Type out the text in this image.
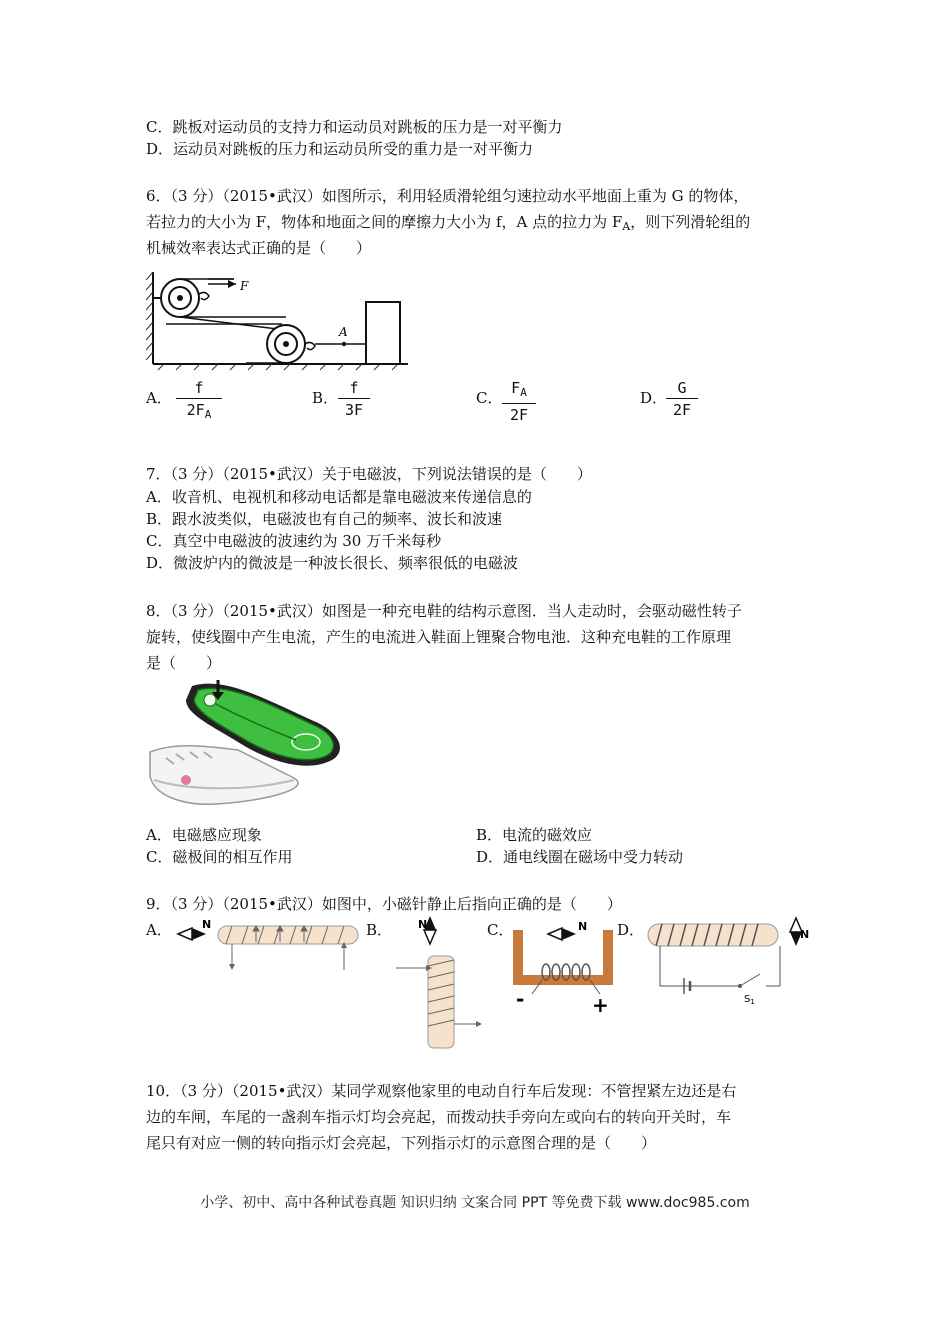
C．跳板对运动员的支持力和运动员对跳板的压力是一对平衡力
D．运动员对跳板的压力和运动员所受的重力是一对平衡力
6．（3 分）（2015•武汉）如图所示，利用轻质滑轮组匀速拉动水平地面上重为 G 的物体，
若拉力的大小为 F，物体和地面之间的摩擦力大小为 f，A 点的拉力为 $F_A$，则下列滑轮组的
机械效率表达式正确的是（　　）
F
A
A． $\frac{f}{2F_A}$	B． $\frac{f}{3F}$	C． $\frac{F_A}{2F}$	D．
$\frac{G}{2F}$
7．（3 分）（2015•武汉）关于电磁波，下列说法错误的是（　　）
A．收音机、电视机和移动电话都是靠电磁波来传递信息的
B．跟水波类似，电磁波也有自己的频率、波长和波速
C．真空中电磁波的波速约为 30 万千米每秒
D．微波炉内的微波是一种波长很长、频率很低的电磁波
8．（3 分）（2015•武汉）如图是一种充电鞋的结构示意图．当人走动时，会驱动磁性转子
旋转，使线圈中产生电流，产生的电流进入鞋面上锂聚合物电池．这种充电鞋的工作原理
是（　　）
A．电磁感应现象	B．电流的磁效应
C．磁极间的相互作用	D．通电线圈在磁场中受力转动
9．（3 分）（2015•武汉）如图中，小磁针静止后指向正确的是（　　）
A．	N	B． N	C．	N
-	+
D．
$S_1$
N
10．（3 分）（2015•武汉）某同学观察他家里的电动自行车后发现：不管捏紧左边还是右
边的车闸，车尾的一盏刹车指示灯均会亮起，而拨动扶手旁向左或向右的转向开关时，车
尾只有对应一侧的转向指示灯会亮起，下列指示灯的示意图合理的是（　　）
小学、初中、高中各种试卷真题 知识归纳 文案合同 PPT 等免费下载 www.doc985.com
